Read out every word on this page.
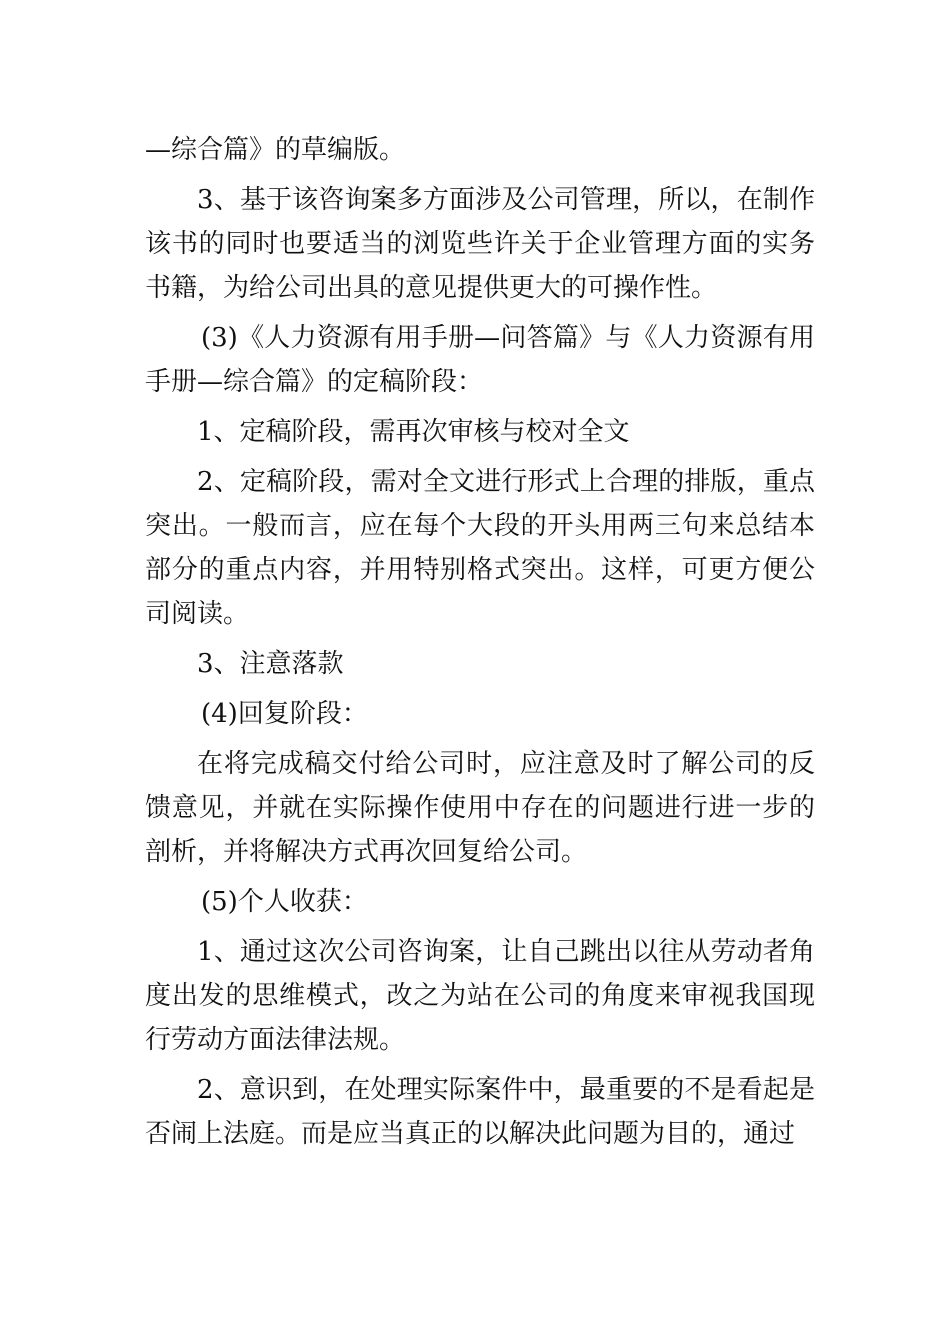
—综合篇》的草编版。

3、基于该咨询案多方面涉及公司管理，所以，在制作该书的同时也要适当的浏览些许关于企业管理方面的实务书籍，为给公司出具的意见提供更大的可操作性。

(3)《人力资源有用手册—问答篇》与《人力资源有用手册—综合篇》的定稿阶段：

1、定稿阶段，需再次审核与校对全文

2、定稿阶段，需对全文进行形式上合理的排版，重点突出。一般而言，应在每个大段的开头用两三句来总结本部分的重点内容，并用特别格式突出。这样，可更方便公司阅读。

3、注意落款

(4)回复阶段：

在将完成稿交付给公司时，应注意及时了解公司的反馈意见，并就在实际操作使用中存在的问题进行进一步的剖析，并将解决方式再次回复给公司。

(5)个人收获：

1、通过这次公司咨询案，让自己跳出以往从劳动者角度出发的思维模式，改之为站在公司的角度来审视我国现行劳动方面法律法规。

2、意识到，在处理实际案件中，最重要的不是看起是否闹上法庭。而是应当真正的以解决此问题为目的，通过
